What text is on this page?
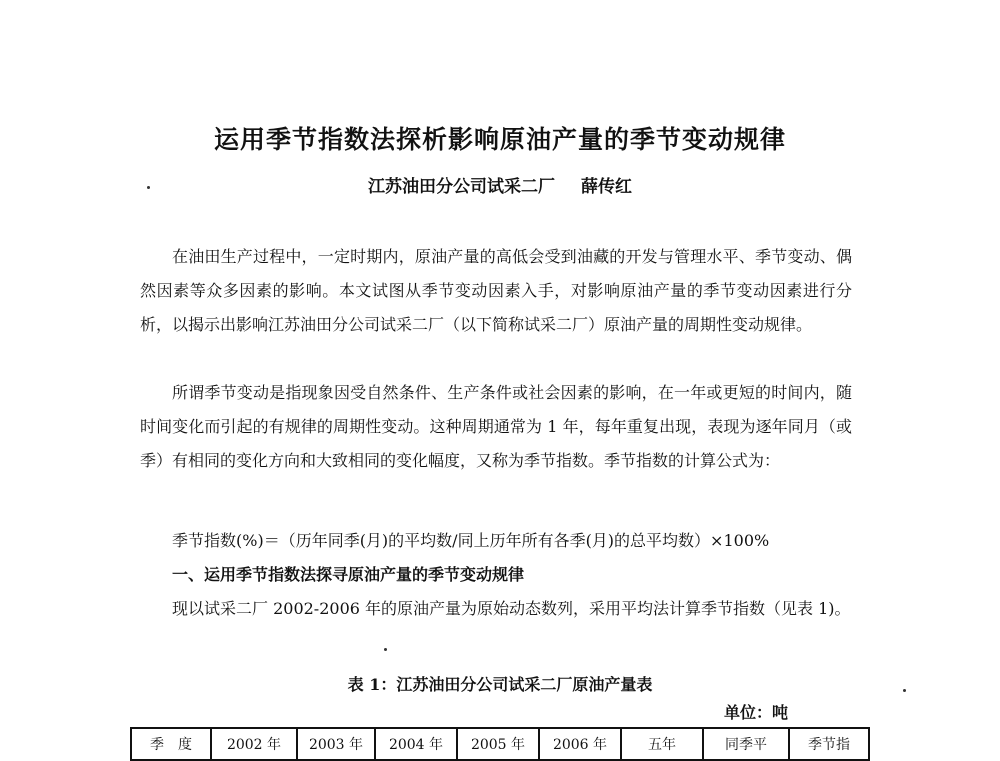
运用季节指数法探析影响原油产量的季节变动规律
江苏油田分公司试采二厂 薛传红
在油田生产过程中，一定时期内，原油产量的高低会受到油藏的开发与管理水平、季节变动、偶然因素等众多因素的影响。本文试图从季节变动因素入手，对影响原油产量的季节变动因素进行分析，以揭示出影响江苏油田分公司试采二厂（以下简称试采二厂）原油产量的周期性变动规律。
所谓季节变动是指现象因受自然条件、生产条件或社会因素的影响，在一年或更短的时间内，随时间变化而引起的有规律的周期性变动。这种周期通常为 1 年，每年重复出现，表现为逐年同月（或季）有相同的变化方向和大致相同的变化幅度，又称为季节指数。季节指数的计算公式为：
季节指数(%)＝（历年同季(月)的平均数/同上历年所有各季(月)的总平均数）×100%
一、运用季节指数法探寻原油产量的季节变动规律
现以试采二厂 2002-2006 年的原油产量为原始动态数列，采用平均法计算季节指数（见表 1)。
表 1：江苏油田分公司试采二厂原油产量表
单位：吨
季　度	2002 年	2003 年	2004 年	2005 年	2006 年	五年	同季平	季节指
